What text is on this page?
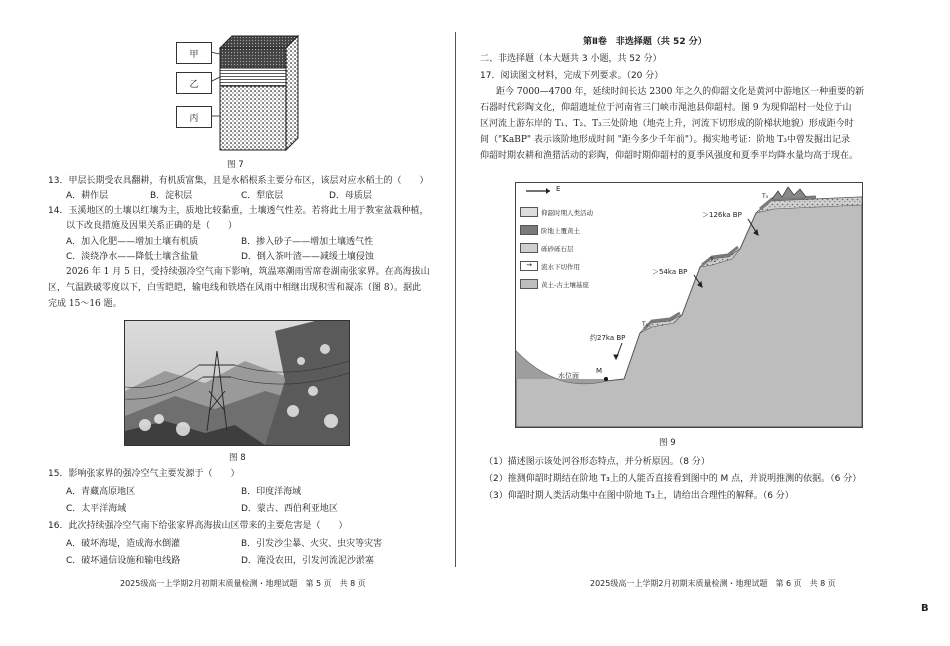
甲
乙
丙
图 7
13．甲层长期受农具翻耕，有机质富集，且是水稻根系主要分布区，该层对应水稻土的（　　）
A．耕作层	B．淀积层	C．犁底层	D．母质层
14．玉溪地区的土壤以红壤为主，质地比较黏重，土壤透气性差。若将此土用于教室盆栽种植，
以下改良措施及因果关系正确的是（　　）
A．加入化肥——增加土壤有机质	B．掺入砂子——增加土壤透气性
C．淡绕净水——降低土壤含盐量	D．倒入茶叶渣——减缓土壤侵蚀
2026 年 1 月 5 日，受持续强冷空气南下影响，筑温寒潮雨雪席卷湖南张家界。在高海拔山
区，气温跌破零度以下，白雪皑皑，输电线和铁塔在风雨中相继出现积雪和凝冻（图 8）。据此
完成 15～16 题。
图 8
15．影响张家界的强冷空气主要发源于（　　）
A．青藏高原地区	B．印度洋海域
C．太平洋海域	D．蒙古、西伯利亚地区
16．此次持续强冷空气南下给张家界高海拔山区带来的主要危害是（　　）
A．破坏海堤，造成海水倒灌	B．引发沙尘暴、火灾、虫灾等灾害
C．破坏通信设施和输电线路	D．淹没农田，引发河流泥沙淤塞
2025级高一上学期2月初期末质量检测・地理试题　第 5 页　共 8 页
第Ⅱ卷　非选择题（共 52 分）
二、非选择题（本大题共 3 小题，共 52 分）
17．阅读图文材料，完成下列要求。（20 分）
距今 7000—4700 年，延续时间长达 2300 年之久的仰韶文化是黄河中游地区一种重要的新
石器时代彩陶文化，仰韶遗址位于河南省三门峡市渑池县仰韶村。图 9 为现仰韶村一处位于山
区河流上游东岸的 T₁、T₂、T₃三处阶地（地壳上升，河流下切形成的阶梯状地貌）形成距今时
间（"KaBP" 表示该阶地形成时间 "距今多少千年前"）。揭实地考证：阶地 T₃中曾发掘出记录
仰韶时期农耕和渔猎活动的彩陶，仰韶时期仰韶村的夏季风强度和夏季平均降水量均高于现在。
E
仰韶时期人类活动
阶地上覆黄土
砾砂砾石层
→	流水下切作用
黄土-古土壤基座
＞126ka BP
＞54ka BP
约27ka BP
T₃
T₂
T₁
水位面
M
图 9
（1）描述图示该处河谷形态特点，并分析原因。（8 分）
（2）推测仰韶时期结在阶地 T₃上的人能否直接看到图中的 M 点，并说明推测的依据。（6 分）
（3）仰韶时期人类活动集中在图中阶地 T₃上，请给出合理性的解释。（6 分）
2025级高一上学期2月初期末质量检测・地理试题　第 6 页　共 8 页
B
